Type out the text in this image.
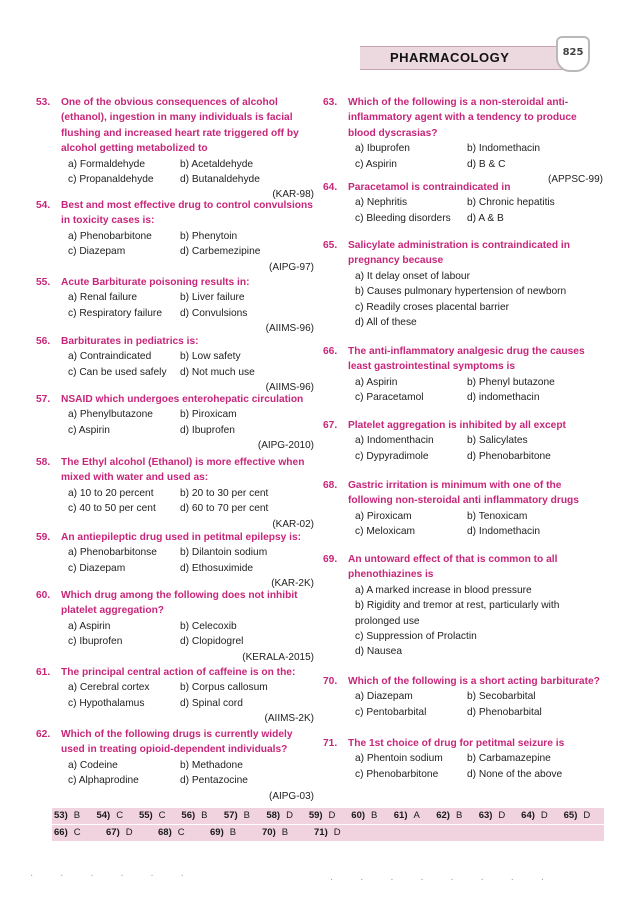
PHARMACOLOGY	825
53) B	54) C	55) C	56) B	57) B	58) D	59) D	60) B	61) A	62) B	63) D	64) D	65) D
66) C	67) D	68) C	69) B	70) B	71) D
· · · · · ·	· · · · · · · ·
53. One of the obvious consequences of alcohol (ethanol), ingestion in many individuals is facial flushing and increased heart rate triggered off by alcohol getting metabolized to
a) Formaldehyde	b) Acetaldehyde
c) Propanaldehyde	d) Butanaldehyde
(KAR-98)
54. Best and most effective drug to control convulsions in toxicity cases is:
a) Phenobarbitone	b) Phenytoin
c) Diazepam	d) Carbemezipine
(AIPG-97)
55. Acute Barbiturate poisoning results in:
a) Renal failure	b) Liver failure
c) Respiratory failure	d) Convulsions
(AIIMS-96)
56. Barbiturates in pediatrics is:
a) Contraindicated	b) Low safety
c) Can be used safely	d) Not much use
(AIIMS-96)
57. NSAID which undergoes enterohepatic circulation
a) Phenylbutazone	b) Piroxicam
c) Aspirin	d) Ibuprofen
(AIPG-2010)
58. The Ethyl alcohol (Ethanol) is more effective when mixed with water and used as:
a) 10 to 20 percent	b) 20 to 30 per cent
c) 40 to 50 per cent	d) 60 to 70 per cent
(KAR-02)
59. An antiepileptic drug used in petitmal epilepsy is:
a) Phenobarbitonse	b) Dilantoin sodium
c) Diazepam	d) Ethosuximide
(KAR-2K)
60. Which drug among the following does not inhibit platelet aggregation?
a) Aspirin	b) Celecoxib
c) Ibuprofen	d) Clopidogrel
(KERALA-2015)
61. The principal central action of caffeine is on the:
a) Cerebral cortex	b) Corpus callosum
c) Hypothalamus	d) Spinal cord
(AIIMS-2K)
62. Which of the following drugs is currently widely used in treating opioid-dependent individuals?
a) Codeine	b) Methadone
c) Alphaprodine	d) Pentazocine
(AIPG-03)
63. Which of the following is a non-steroidal anti-inflammatory agent with a tendency to produce blood dyscrasias?
a) Ibuprofen	b) Indomethacin
c) Aspirin	d) B & C
(APPSC-99)
64. Paracetamol is contraindicated in
a) Nephritis	b) Chronic hepatitis
c) Bleeding disorders	d) A & B
65. Salicylate administration is contraindicated in pregnancy because
a) It delay onset of labour
b) Causes pulmonary hypertension of newborn
c) Readily croses placental barrier
d) All of these
66. The anti-inflammatory analgesic drug the causes least gastrointestinal symptoms is
a) Aspirin	b) Phenyl butazone
c) Paracetamol	d) indomethacin
67. Platelet aggregation is inhibited by all except
a) Indomenthacin	b) Salicylates
c) Dypyradimole	d) Phenobarbitone
68. Gastric irritation is minimum with one of the following non-steroidal anti inflammatory drugs
a) Piroxicam	b) Tenoxicam
c) Meloxicam	d) Indomethacin
69. An untoward effect of that is common to all phenothiazines is
a) A marked increase in blood pressure
b) Rigidity and tremor at rest, particularly with prolonged use
c) Suppression of Prolactin
d) Nausea
70. Which of the following is a short acting barbiturate?
a) Diazepam	b) Secobarbital
c) Pentobarbital	d) Phenobarbital
71. The 1st choice of drug for petitmal seizure is
a) Phentoin sodium	b) Carbamazepine
c) Phenobarbitone	d) None of the above
